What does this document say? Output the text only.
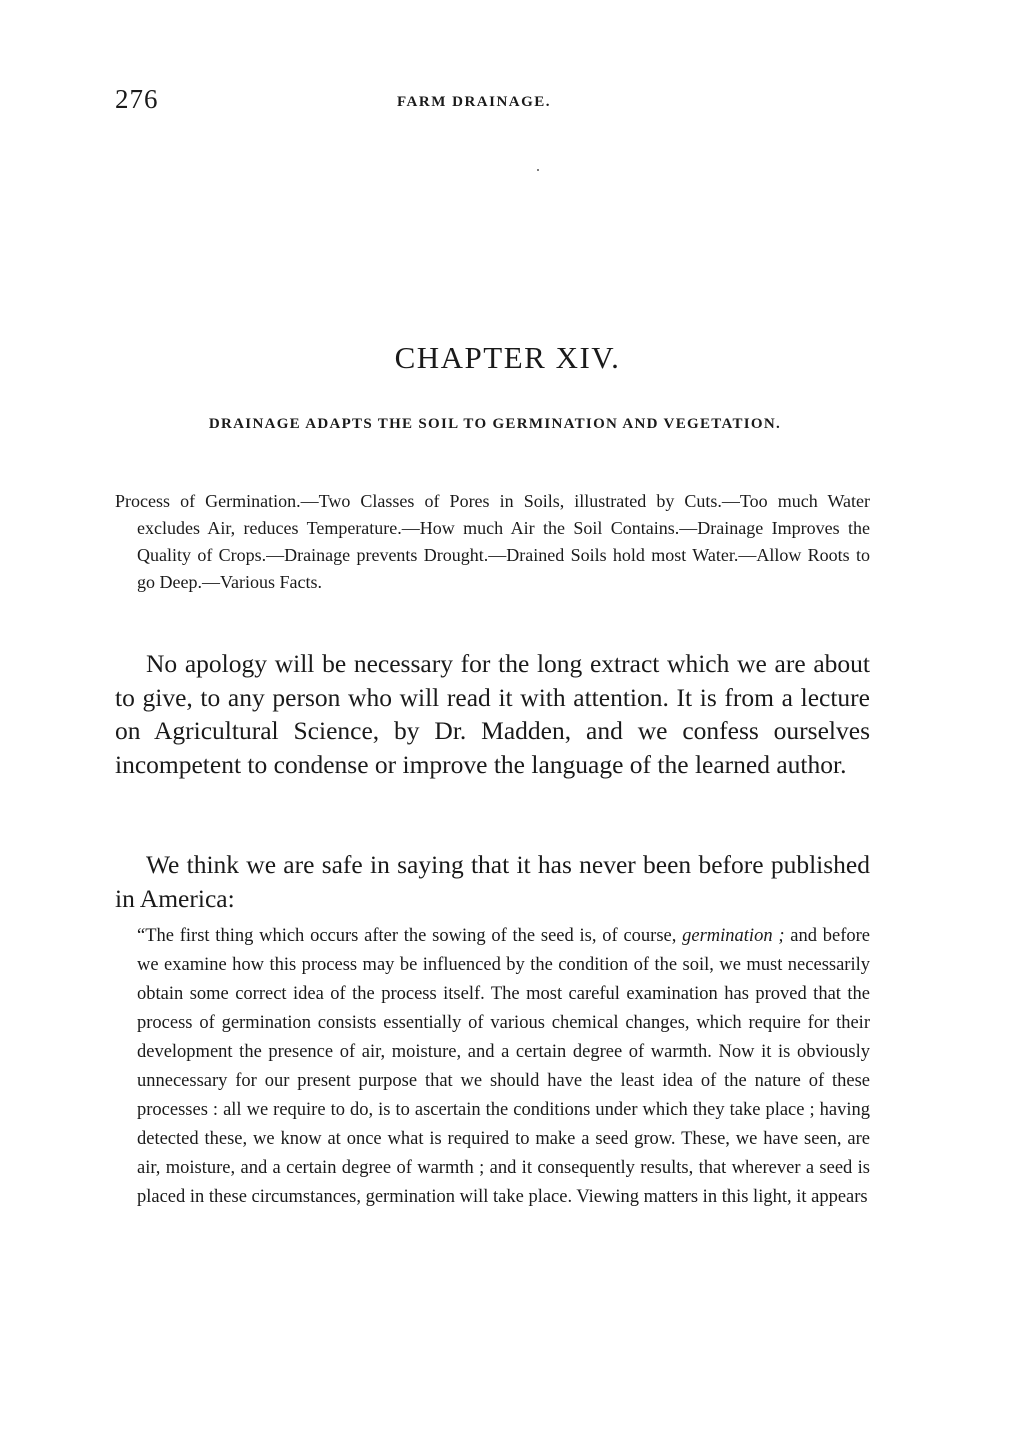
276	FARM DRAINAGE.
CHAPTER XIV.
DRAINAGE ADAPTS THE SOIL TO GERMINATION AND VEGETATION.
Process of Germination.—Two Classes of Pores in Soils, illustrated by Cuts.—Too much Water excludes Air, reduces Temperature.—How much Air the Soil Contains.—Drainage Improves the Quality of Crops.—Drainage prevents Drought.—Drained Soils hold most Water.—Allow Roots to go Deep.—Various Facts.

No apology will be necessary for the long extract which we are about to give, to any person who will read it with attention. It is from a lecture on Agricultural Science, by Dr. Madden, and we confess ourselves incompetent to condense or improve the language of the learned author.

We think we are safe in saying that it has never been before published in America:

“The first thing which occurs after the sowing of the seed is, of course, germination ; and before we examine how this process may be influenced by the condition of the soil, we must necessarily obtain some correct idea of the process itself. The most careful examination has proved that the process of germination consists essentially of various chemical changes, which require for their development the presence of air, moisture, and a certain degree of warmth. Now it is obviously unnecessary for our present purpose that we should have the least idea of the nature of these processes : all we require to do, is to ascertain the conditions under which they take place ; having detected these, we know at once what is required to make a seed grow. These, we have seen, are air, moisture, and a certain degree of warmth ; and it consequently results, that wherever a seed is placed in these circumstances, germination will take place. Viewing matters in this light, it appears
